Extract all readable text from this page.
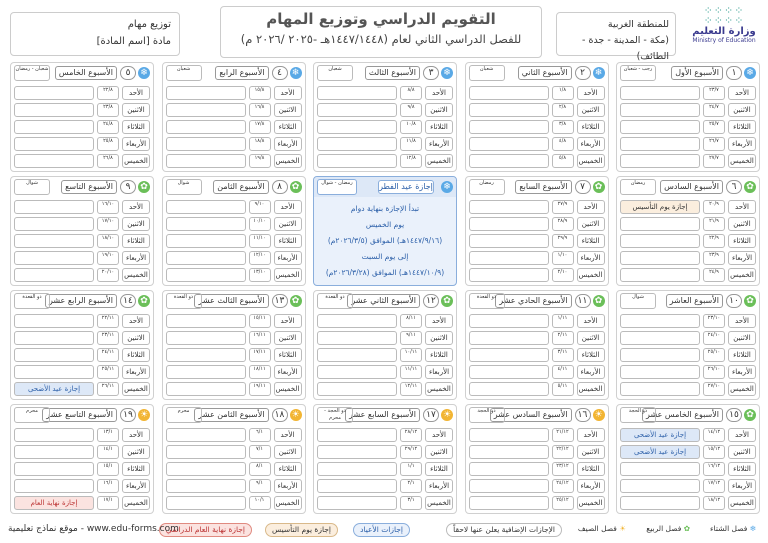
⁘⁘⁘⁘
⁘⁘⁘⁘
وزارة التعليم
Ministry of Education
للمنطقة الغربية
(مكة - المدينة - جدة - الطائف)
التقويم الدراسي وتوزيع المهام
للفصل الدراسي الثاني لعام (١٤٤٧/١٤٤٨هـ -٢٠٢٥ /٢٠٢٦ م)
توزيع مهام
مادة [اسم المادة]
❄
١
الأسبوع الأول
رجب - شعبان
الأحد
٢٣/٧
الاثنين
٢٤/٧
الثلاثاء
٢٥/٧
الأربعاء
٢٦/٧
الخميس
٢٧/٧
❄
٢
الأسبوع الثاني
شعبان
الأحد
١/٨
الاثنين
٢/٨
الثلاثاء
٣/٨
الأربعاء
٤/٨
الخميس
٥/٨
❄
٣
الأسبوع الثالث
شعبان
الأحد
٨/٨
الاثنين
٩/٨
الثلاثاء
١٠/٨
الأربعاء
١١/٨
الخميس
١٢/٨
❄
٤
الأسبوع الرابع
شعبان
الأحد
١٥/٨
الاثنين
١٦/٨
الثلاثاء
١٧/٨
الأربعاء
١٨/٨
الخميس
١٩/٨
❄
٥
الأسبوع الخامس
شعبان - رمضان
الأحد
٢٢/٨
الاثنين
٢٣/٨
الثلاثاء
٢٤/٨
الأربعاء
٢٥/٨
الخميس
٢٦/٨
✿
٦
الأسبوع السادس
رمضان
الأحد
٢٠/٩
إجازة يوم التأسيس
الاثنين
٢١/٩
الثلاثاء
٢٢/٩
الأربعاء
٢٣/٩
الخميس
٢٤/٩
✿
٧
الأسبوع السابع
رمضان
الأحد
٢٧/٩
الاثنين
٢٨/٩
الثلاثاء
٢٩/٩
الأربعاء
١/١٠
الخميس
٢/١٠
❄
إجازة عيد الفطر
رمضان - شوال
تبدأ الإجازة بنهاية دوام
يوم الخميس
(١٤٤٧/٩/١٦هـ) الموافق (٢٠٢٦/٣/٥م)
إلى يوم السبت
(١٤٤٧/١٠/٩هـ) الموافق (٢٠٢٦/٣/٢٨م)
✿
٨
الأسبوع الثامن
شوال
الأحد
٩/١٠
الاثنين
١٠/١٠
الثلاثاء
١١/١٠
الأربعاء
١٢/١٠
الخميس
١٣/١٠
✿
٩
الأسبوع التاسع
شوال
الأحد
١٦/١٠
الاثنين
١٧/١٠
الثلاثاء
١٨/١٠
الأربعاء
١٩/١٠
الخميس
٢٠/١٠
✿
١٠
الأسبوع العاشر
شوال
الأحد
٢٣/١٠
الاثنين
٢٤/١٠
الثلاثاء
٢٥/١٠
الأربعاء
٢٦/١٠
الخميس
٢٧/١٠
✿
١١
الأسبوع الحادي عشر
ذو القعدة
الأحد
١/١١
الاثنين
٢/١١
الثلاثاء
٣/١١
الأربعاء
٤/١١
الخميس
٥/١١
✿
١٢
الأسبوع الثاني عشر
ذو القعدة
الأحد
٨/١١
الاثنين
٩/١١
الثلاثاء
١٠/١١
الأربعاء
١١/١١
الخميس
١٢/١١
✿
١٣
الأسبوع الثالث عشر
ذو القعدة
الأحد
١٥/١١
الاثنين
١٦/١١
الثلاثاء
١٧/١١
الأربعاء
١٨/١١
الخميس
١٩/١١
✿
١٤
الأسبوع الرابع عشر
ذو القعدة
الأحد
٢٢/١١
الاثنين
٢٣/١١
الثلاثاء
٢٤/١١
الأربعاء
٢٥/١١
الخميس
٢٦/١١
إجازة عيد الأضحى
✿
١٥
الأسبوع الخامس عشر
ذو الحجة
الأحد
١٤/١٢
إجازة عيد الأضحى
الاثنين
١٥/١٢
إجازة عيد الأضحى
الثلاثاء
١٦/١٢
الأربعاء
١٧/١٢
الخميس
١٨/١٢
☀
١٦
الأسبوع السادس عشر
ذو الحجة
الأحد
٢١/١٢
الاثنين
٢٢/١٢
الثلاثاء
٢٣/١٢
الأربعاء
٢٤/١٢
الخميس
٢٥/١٢
☀
١٧
الأسبوع السابع عشر
ذو الحجة - محرم
الأحد
٢٨/١٢
الاثنين
٢٩/١٢
الثلاثاء
١/١
الأربعاء
٢/١
الخميس
٣/١
☀
١٨
الأسبوع الثامن عشر
محرم
الأحد
٦/١
الاثنين
٧/١
الثلاثاء
٨/١
الأربعاء
٩/١
الخميس
١٠/١
☀
١٩
الأسبوع التاسع عشر
محرم
الأحد
١٣/١
الاثنين
١٤/١
الثلاثاء
١٥/١
الأربعاء
١٦/١
الخميس
١٧/١
إجازة نهاية العام
❄ فصل الشتاء
✿ فصل الربيع
☀ فصل الصيف
الإجازات الإضافية يعلن عنها لاحقاً
إجازات الأعياد
إجازة يوم التأسيس
إجازة نهاية العام الدراسي
www.edu-forms.com - موقع نماذج تعليمية
